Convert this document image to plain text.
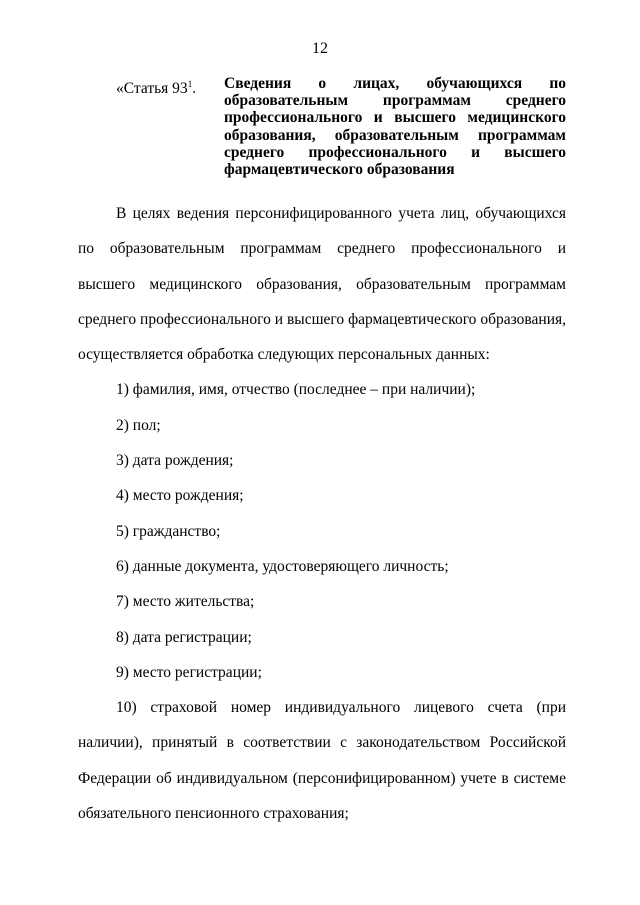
12
«Статья $93^1$.	Сведения о лицах, обучающихся по образовательным программам среднего профессионального и высшего медицинского образования, образовательным программам среднего профессионального и высшего
фармацевтического образования

В целях ведения персонифицированного учета лиц, обучающихся по образовательным программам среднего профессионального и высшего медицинского образования, образовательным программам среднего профессионального и высшего фармацевтического образования, осуществляется обработка следующих персональных данных:

1) фамилия, имя, отчество (последнее – при наличии);

2) пол;

3) дата рождения;

4) место рождения;

5) гражданство;

6) данные документа, удостоверяющего личность;

7) место жительства;

8) дата регистрации;

9) место регистрации;

10) страховой номер индивидуального лицевого счета (при наличии), принятый в соответствии с законодательством Российской Федерации об индивидуальном (персонифицированном) учете в системе обязательного пенсионного страхования;
